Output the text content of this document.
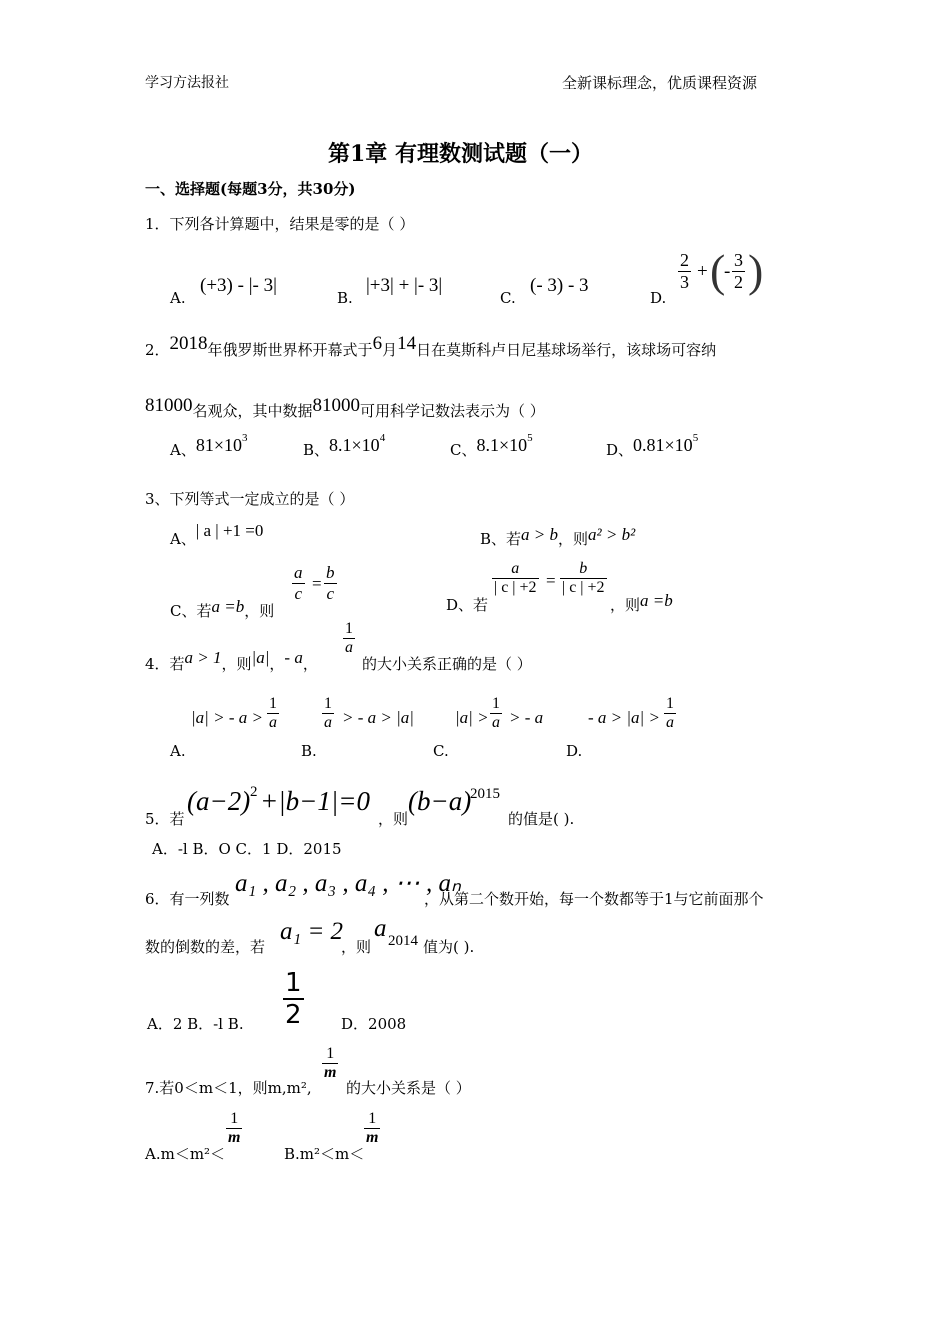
学习方法报社	全新课标理念，优质课程资源
第1章 有理数测试题（一）
一、选择题(每题3分，共30分)
1．下列各计算题中，结果是零的是（ ）
A.
(+3) - |- 3|
B.
|+3| + |- 3|
C.
(- 3) - 3
D.
$\frac{2}{3}$ + (
- $\frac{3}{2}$ )
2．2018年俄罗斯世界杯开幕式于6月14日在莫斯科卢日尼基球场举行，该球场可容纳
81000名观众，其中数据81000可用科学记数法表示为（ ）
A、$81\times 10^3$
B、$8.1\times 10^4$
C、$8.1\times 10^5$
D、$0.81\times 10^5$
3、下列等式一定成立的是（ ）
A、| a | +1 =0	B、若a > b，则a² > b²
C、若a =b，则
$\frac{a}{c} = \frac{b}{c}$
D、若
$\frac{a}{| c | +2} = \frac{b}{| c | +2}$
，则a =b
4．若a > 1，则|a|，- a，
$\frac{1}{a}$
的大小关系正确的是（ ）
A.
|a| > - $a > \frac{1}{a}$
B.
$\frac{1}{a}$ > - a > |a|
C.
$|a| > \frac{1}{a}$ > - a
D.
- $a > |a| > \frac{1}{a}$
5．若
(a−2) 2 +|b−1|=0
，则
(b−a)
2015
的值是( ).
A．-l B．O C．1 D．2015
6．有一列数
a₁ , a₂ , a₃ , a₄ , ⋯ , aₙ
，从第二个数开始，每一个数都等于1与它前面那个
数的倒数的差，若
a₁ = 2
，则
a 2014 值为( ).
A．2 B．-l B. $\frac{1}{2}$ D．2008
7.若0＜m＜1，则m,m²,
$\frac{1}{m}$
的大小关系是（ ）
A.m＜m²＜
$\frac{1}{m}$
B.m²＜m＜
$\frac{1}{m}$
